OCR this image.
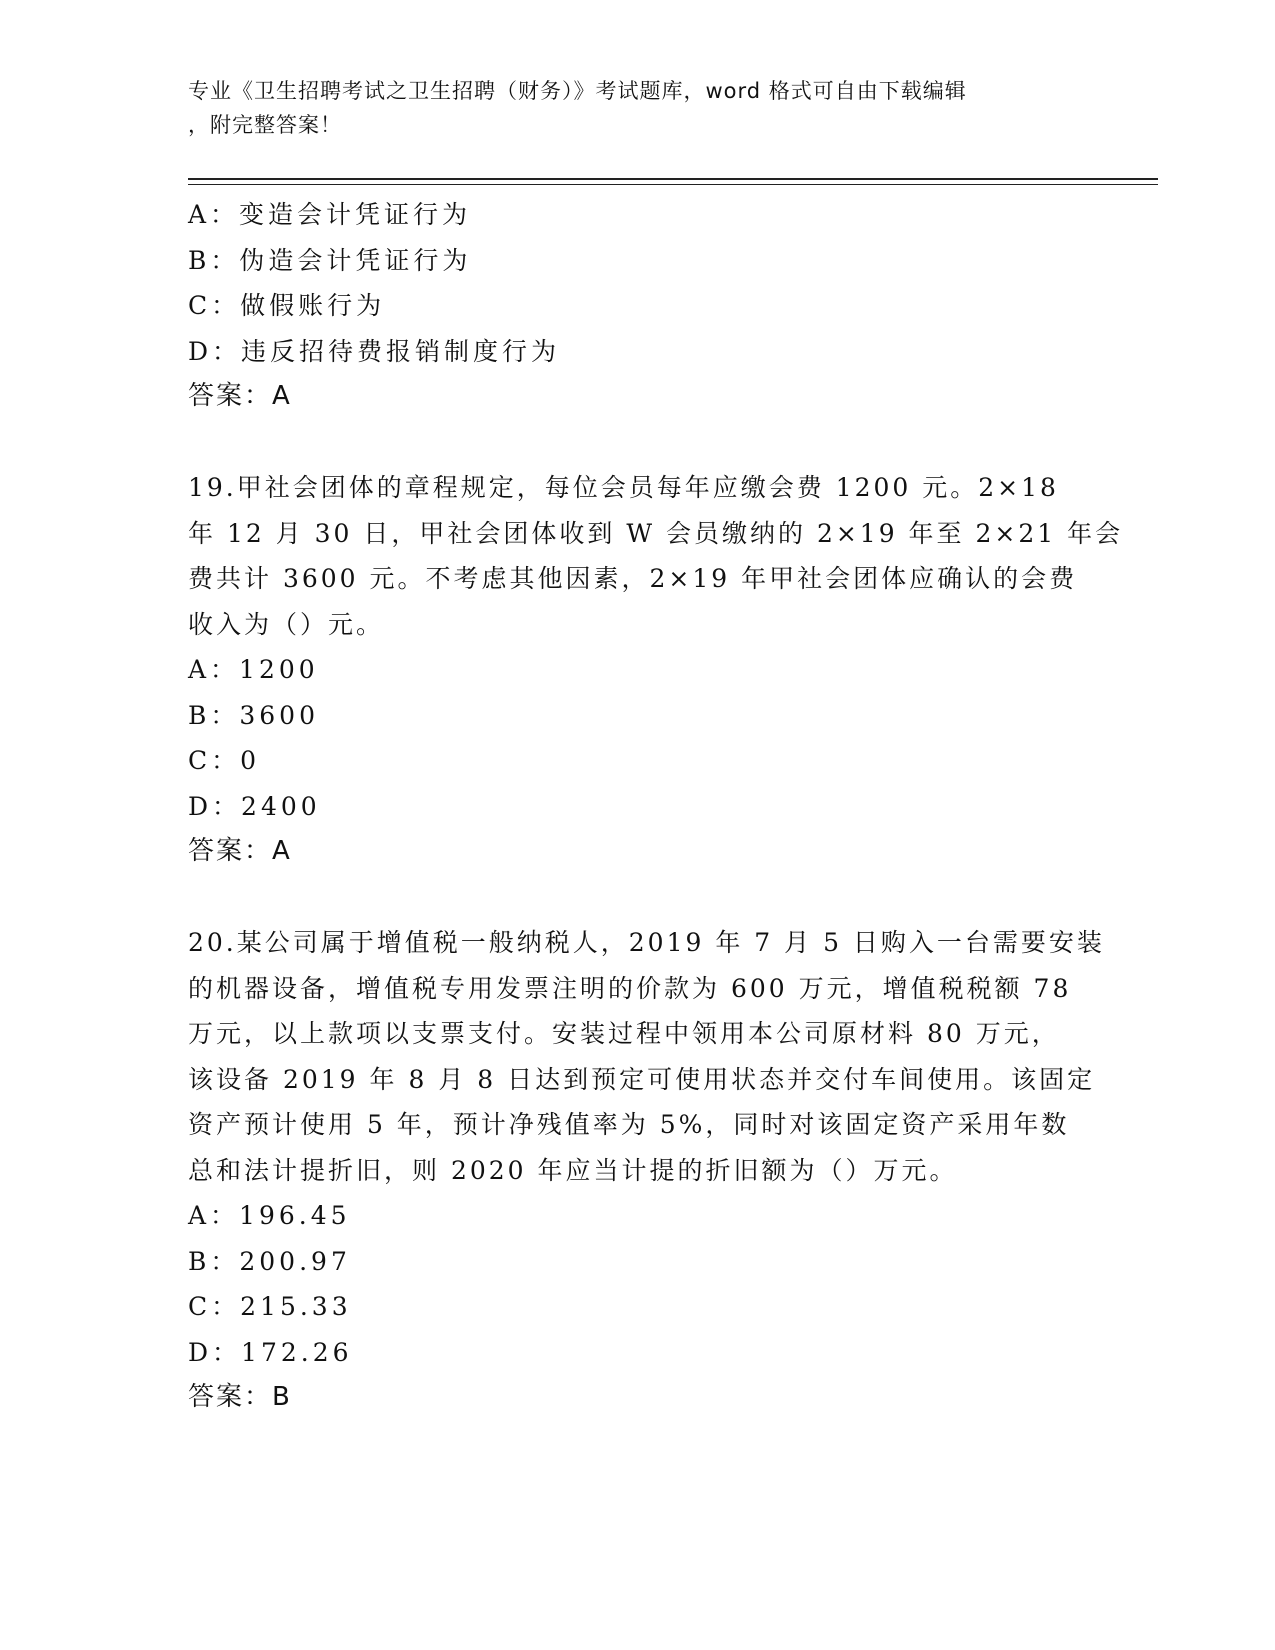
专业《卫生招聘考试之卫生招聘（财务）》考试题库，word 格式可自由下载编辑
，附完整答案！
A：变造会计凭证行为
B：伪造会计凭证行为
C：做假账行为
D：违反招待费报销制度行为
答案：A
19.甲社会团体的章程规定，每位会员每年应缴会费 1200 元。2×18
年 12 月 30 日，甲社会团体收到 W 会员缴纳的 2×19 年至 2×21 年会
费共计 3600 元。不考虑其他因素，2×19 年甲社会团体应确认的会费
收入为（）元。
A：1200
B：3600
C：0
D：2400
答案：A
20.某公司属于增值税一般纳税人，2019 年 7 月 5 日购入一台需要安装
的机器设备，增值税专用发票注明的价款为 600 万元，增值税税额 78
万元，以上款项以支票支付。安装过程中领用本公司原材料 80 万元，
该设备 2019 年 8 月 8 日达到预定可使用状态并交付车间使用。该固定
资产预计使用 5 年，预计净残值率为 5%，同时对该固定资产采用年数
总和法计提折旧，则 2020 年应当计提的折旧额为（）万元。
A：196.45
B：200.97
C：215.33
D：172.26
答案：B
